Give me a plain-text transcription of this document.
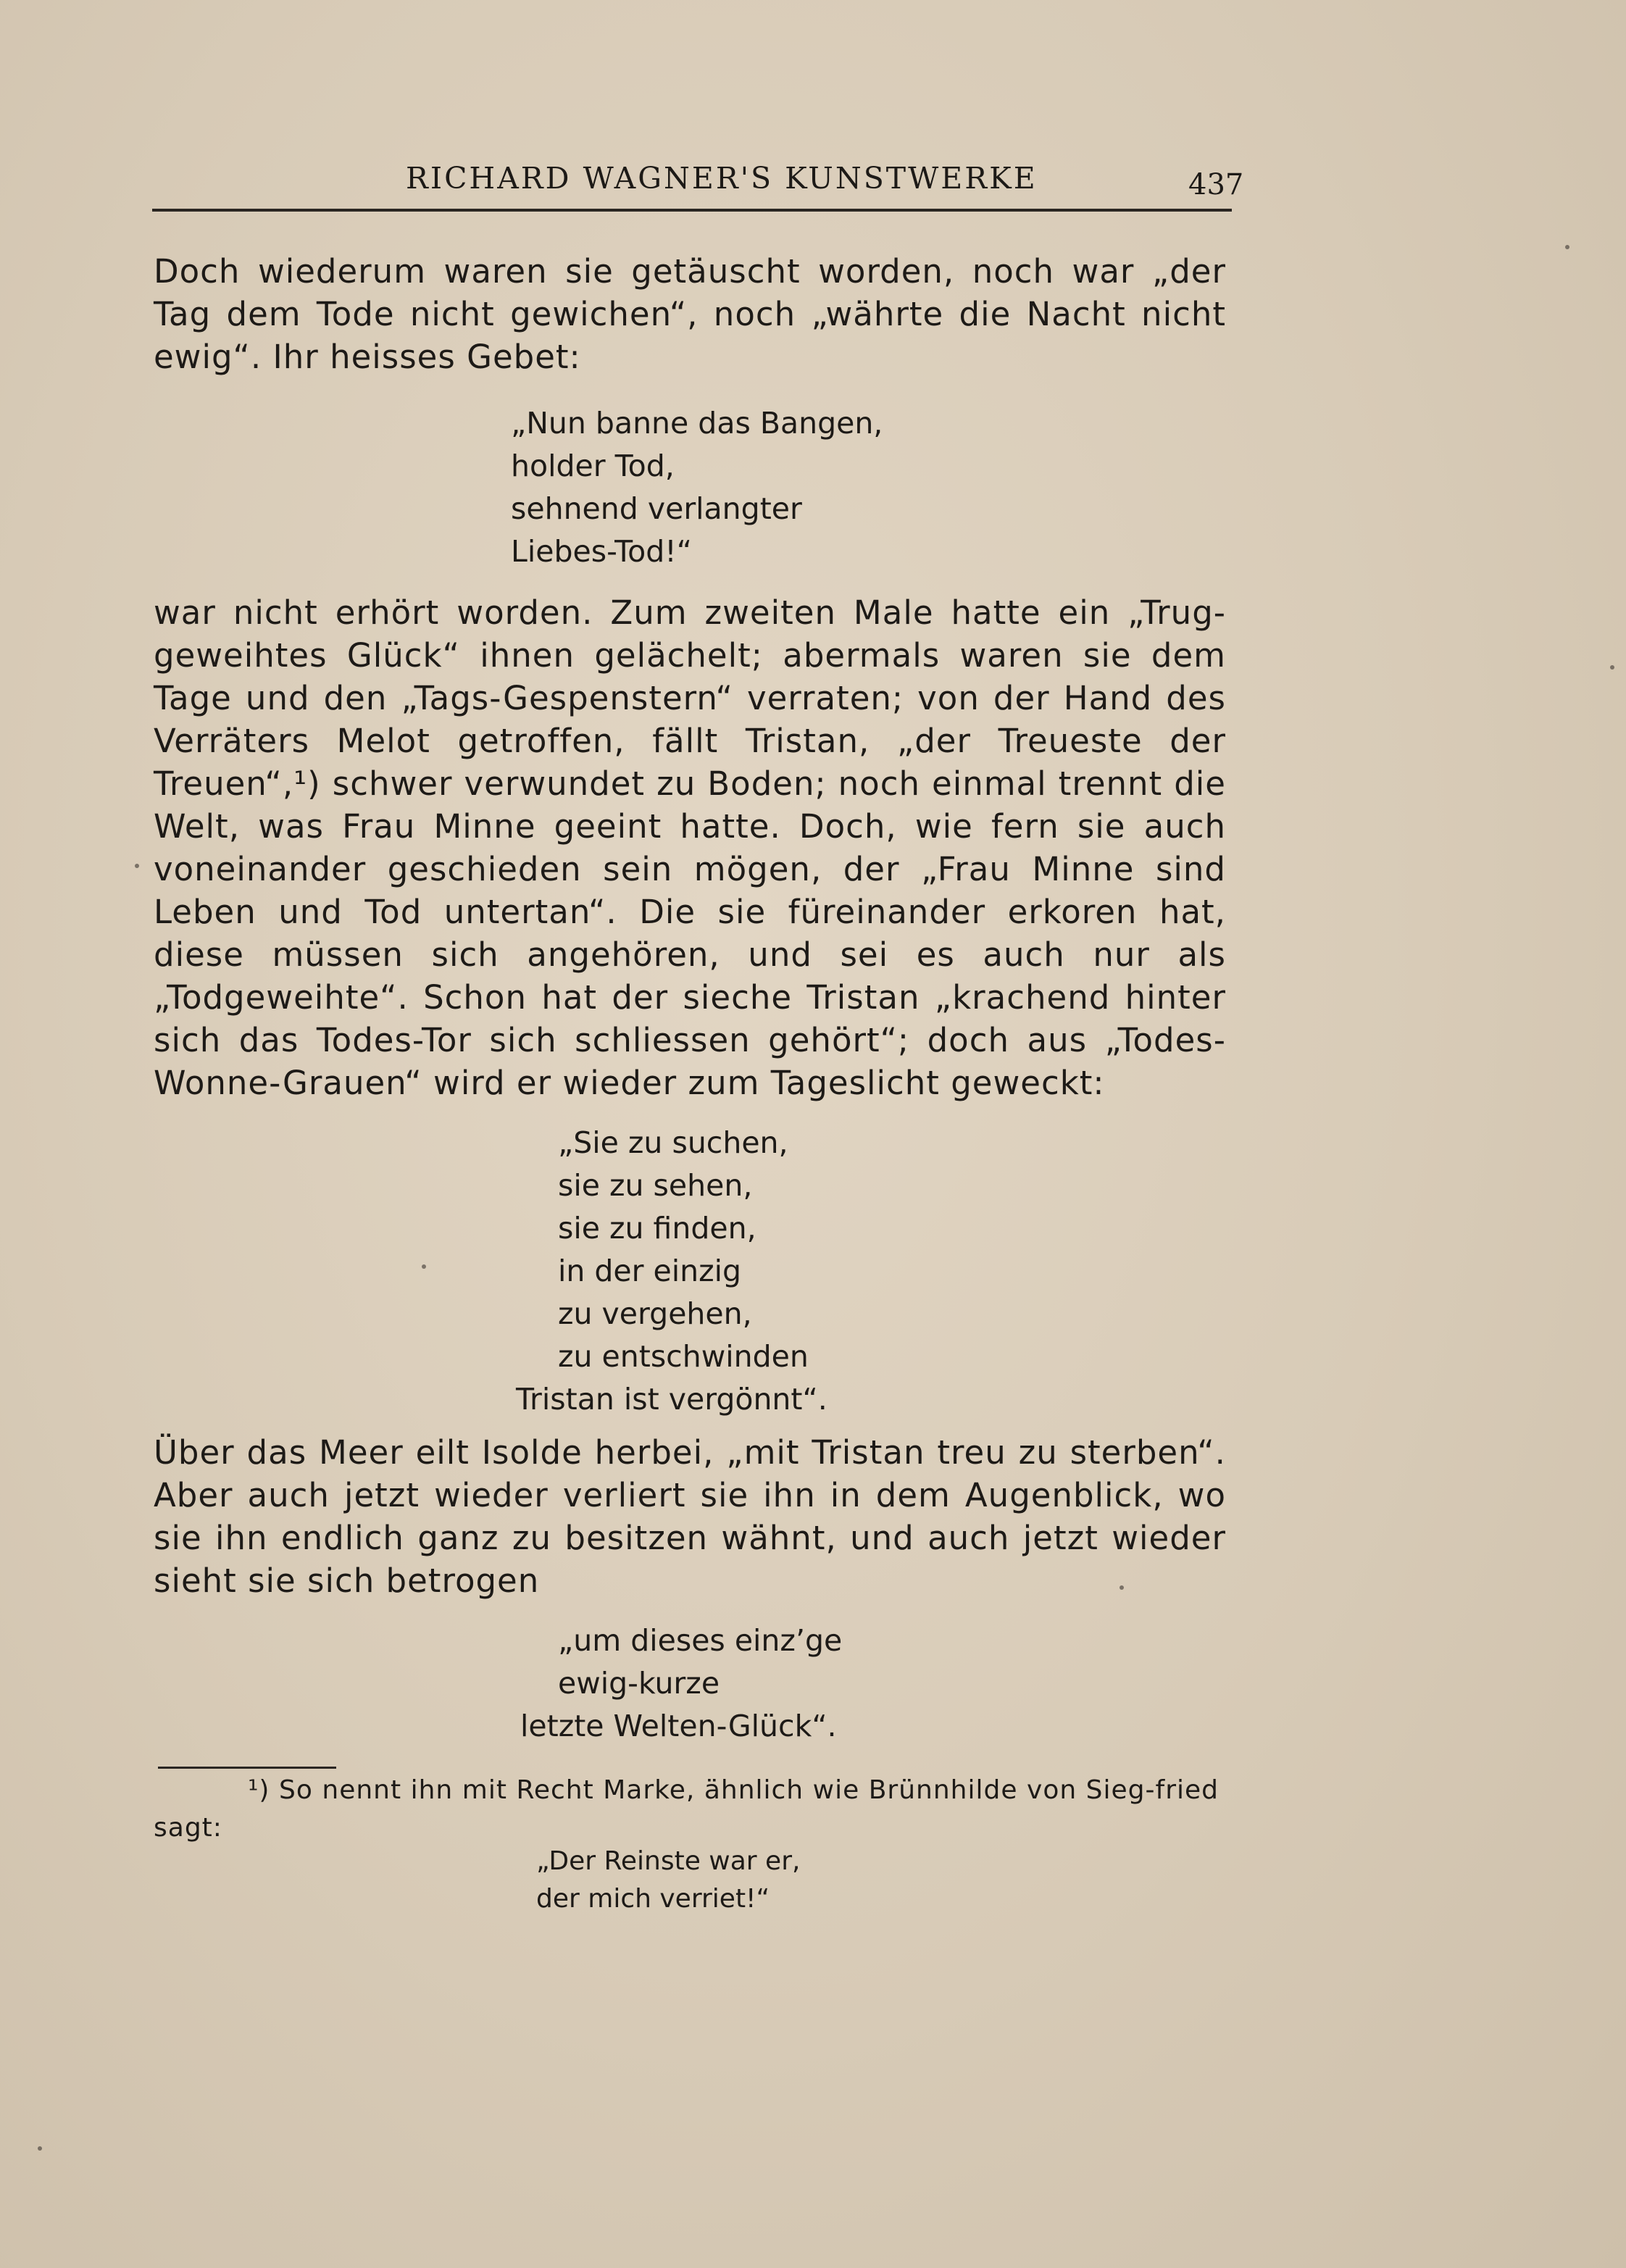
RICHARD WAGNER'S KUNSTWERKE	437

Doch wiederum waren sie getäuscht worden, noch war „der Tag dem Tode nicht gewichen“, noch „währte die Nacht nicht ewig“. Ihr heisses Gebet:

„Nun banne das Bangen,
holder Tod,
sehnend verlangter
Liebes-Tod!“

war nicht erhört worden. Zum zweiten Male hatte ein „Trug-geweihtes Glück“ ihnen gelächelt; abermals waren sie dem Tage und den „Tags-Gespenstern“ verraten; von der Hand des Verräters Melot getroffen, fällt Tristan, „der Treueste der Treuen“,¹) schwer verwundet zu Boden; noch einmal trennt die Welt, was Frau Minne geeint hatte. Doch, wie fern sie auch voneinander geschieden sein mögen, der „Frau Minne sind Leben und Tod untertan“. Die sie füreinander erkoren hat, diese müssen sich angehören, und sei es auch nur als „Todgeweihte“. Schon hat der sieche Tristan „krachend hinter sich das Todes-Tor sich schliessen gehört“; doch aus „Todes-Wonne-Grauen“ wird er wieder zum Tageslicht geweckt:

„Sie zu suchen,
sie zu sehen,
sie zu finden,
in der einzig
zu vergehen,
zu entschwinden
Tristan ist vergönnt“.

Über das Meer eilt Isolde herbei, „mit Tristan treu zu sterben“. Aber auch jetzt wieder verliert sie ihn in dem Augenblick, wo sie ihn endlich ganz zu besitzen wähnt, und auch jetzt wieder sieht sie sich betrogen

„um dieses einz’ge
ewig-kurze
letzte Welten-Glück“.

¹) So nennt ihn mit Recht Marke, ähnlich wie Brünnhilde von Sieg-fried sagt:

„Der Reinste war er,
der mich verriet!“
